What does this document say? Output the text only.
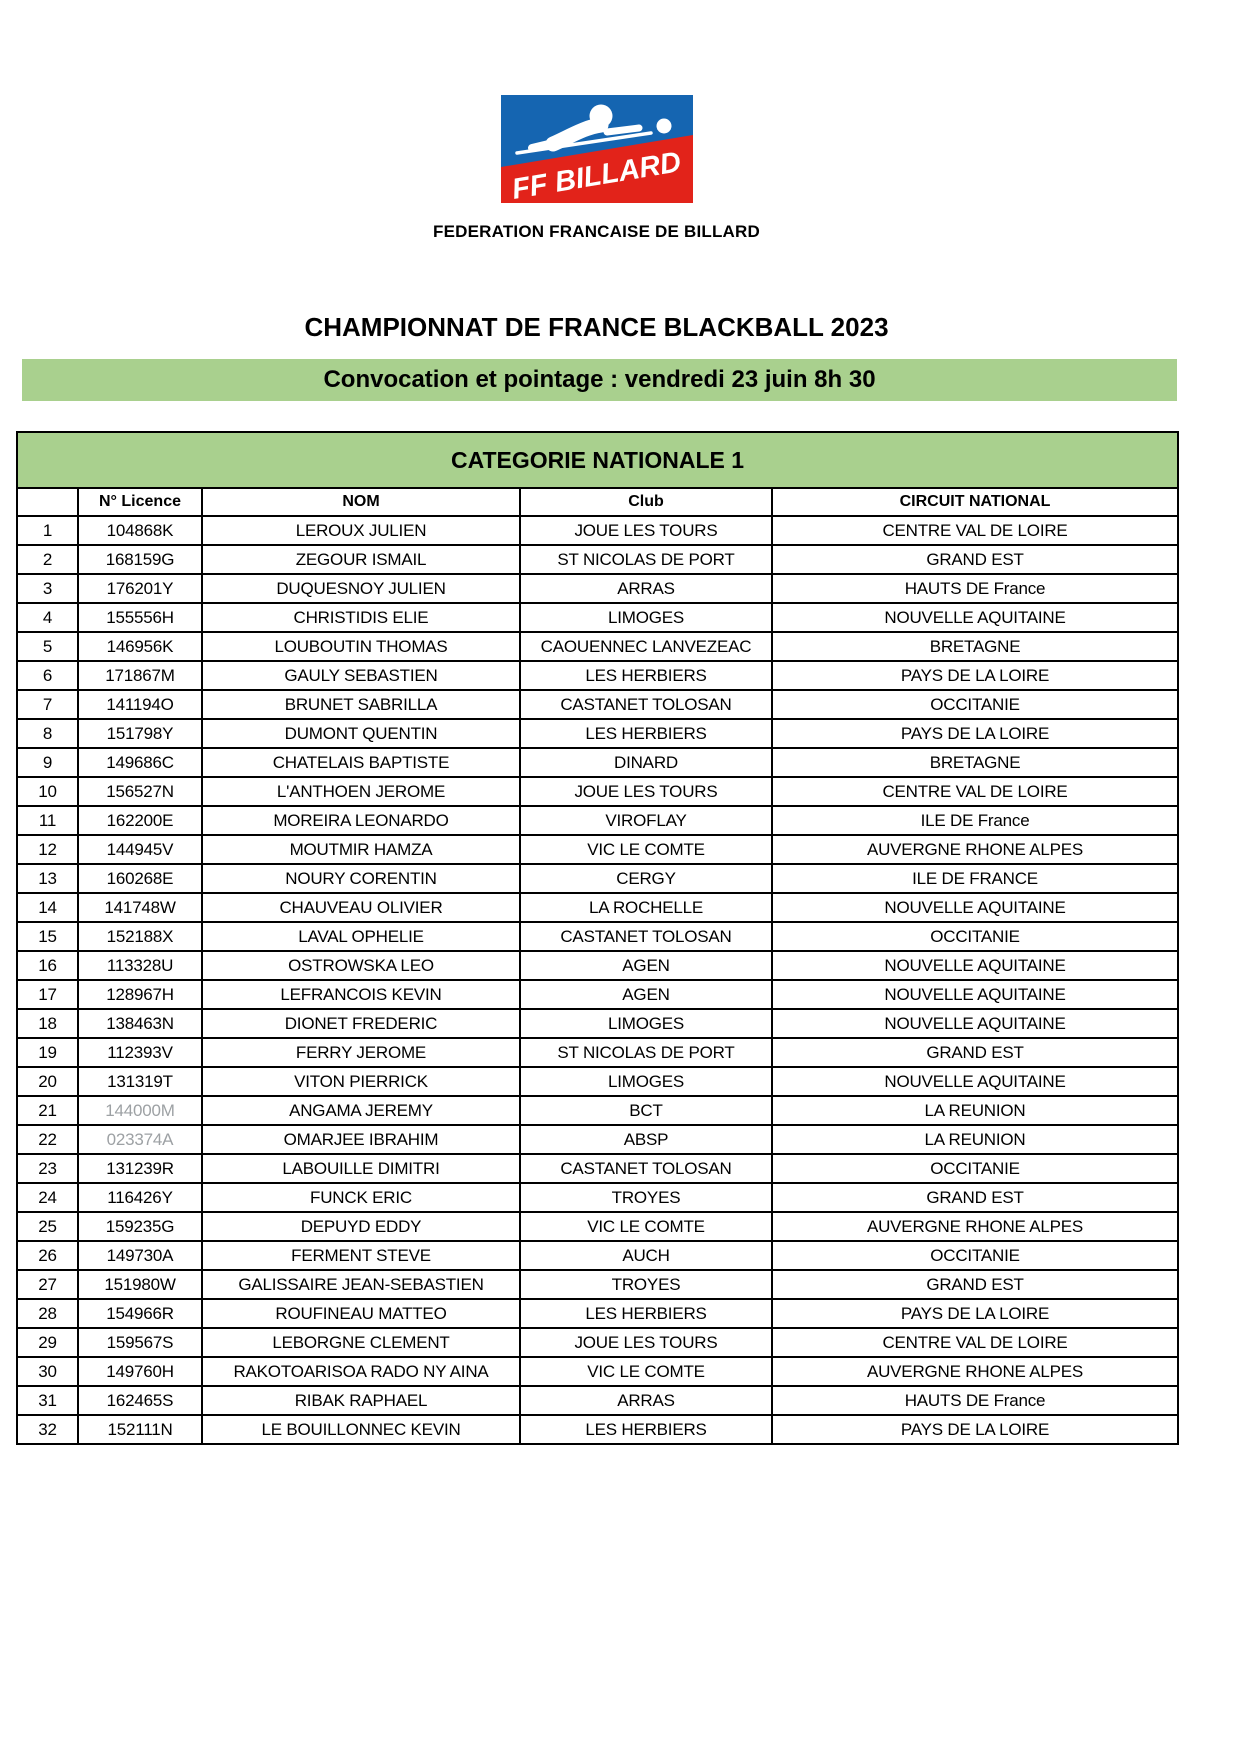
FF BILLARD
FEDERATION FRANCAISE DE BILLARD
CHAMPIONNAT DE FRANCE BLACKBALL 2023
Convocation et pointage : vendredi 23 juin 8h 30
CATEGORIE NATIONALE 1				
	N° Licence	NOM	Club	CIRCUIT NATIONAL
1	104868K	LEROUX JULIEN	JOUE LES TOURS	CENTRE VAL DE LOIRE
2	168159G	ZEGOUR ISMAIL	ST NICOLAS DE PORT	GRAND EST
3	176201Y	DUQUESNOY JULIEN	ARRAS	HAUTS DE France
4	155556H	CHRISTIDIS ELIE	LIMOGES	NOUVELLE AQUITAINE
5	146956K	LOUBOUTIN THOMAS	CAOUENNEC LANVEZEAC	BRETAGNE
6	171867M	GAULY SEBASTIEN	LES HERBIERS	PAYS DE LA LOIRE
7	141194O	BRUNET SABRILLA	CASTANET TOLOSAN	OCCITANIE
8	151798Y	DUMONT QUENTIN	LES HERBIERS	PAYS DE LA LOIRE
9	149686C	CHATELAIS BAPTISTE	DINARD	BRETAGNE
10	156527N	L'ANTHOEN JEROME	JOUE LES TOURS	CENTRE VAL DE LOIRE
11	162200E	MOREIRA LEONARDO	VIROFLAY	ILE DE France
12	144945V	MOUTMIR HAMZA	VIC LE COMTE	AUVERGNE RHONE ALPES
13	160268E	NOURY CORENTIN	CERGY	ILE DE FRANCE
14	141748W	CHAUVEAU OLIVIER	LA ROCHELLE	NOUVELLE AQUITAINE
15	152188X	LAVAL OPHELIE	CASTANET TOLOSAN	OCCITANIE
16	113328U	OSTROWSKA LEO	AGEN	NOUVELLE AQUITAINE
17	128967H	LEFRANCOIS KEVIN	AGEN	NOUVELLE AQUITAINE
18	138463N	DIONET FREDERIC	LIMOGES	NOUVELLE AQUITAINE
19	112393V	FERRY JEROME	ST NICOLAS DE PORT	GRAND EST
20	131319T	VITON PIERRICK	LIMOGES	NOUVELLE AQUITAINE
21	144000M	ANGAMA JEREMY	BCT	LA REUNION
22	023374A	OMARJEE IBRAHIM	ABSP	LA REUNION
23	131239R	LABOUILLE DIMITRI	CASTANET TOLOSAN	OCCITANIE
24	116426Y	FUNCK ERIC	TROYES	GRAND EST
25	159235G	DEPUYD EDDY	VIC LE COMTE	AUVERGNE RHONE ALPES
26	149730A	FERMENT STEVE	AUCH	OCCITANIE
27	151980W	GALISSAIRE JEAN-SEBASTIEN	TROYES	GRAND EST
28	154966R	ROUFINEAU MATTEO	LES HERBIERS	PAYS DE LA LOIRE
29	159567S	LEBORGNE CLEMENT	JOUE LES TOURS	CENTRE VAL DE LOIRE
30	149760H	RAKOTOARISOA RADO NY AINA	VIC LE COMTE	AUVERGNE RHONE ALPES
31	162465S	RIBAK RAPHAEL	ARRAS	HAUTS DE France
32	152111N	LE BOUILLONNEC KEVIN	LES HERBIERS	PAYS DE LA LOIRE
